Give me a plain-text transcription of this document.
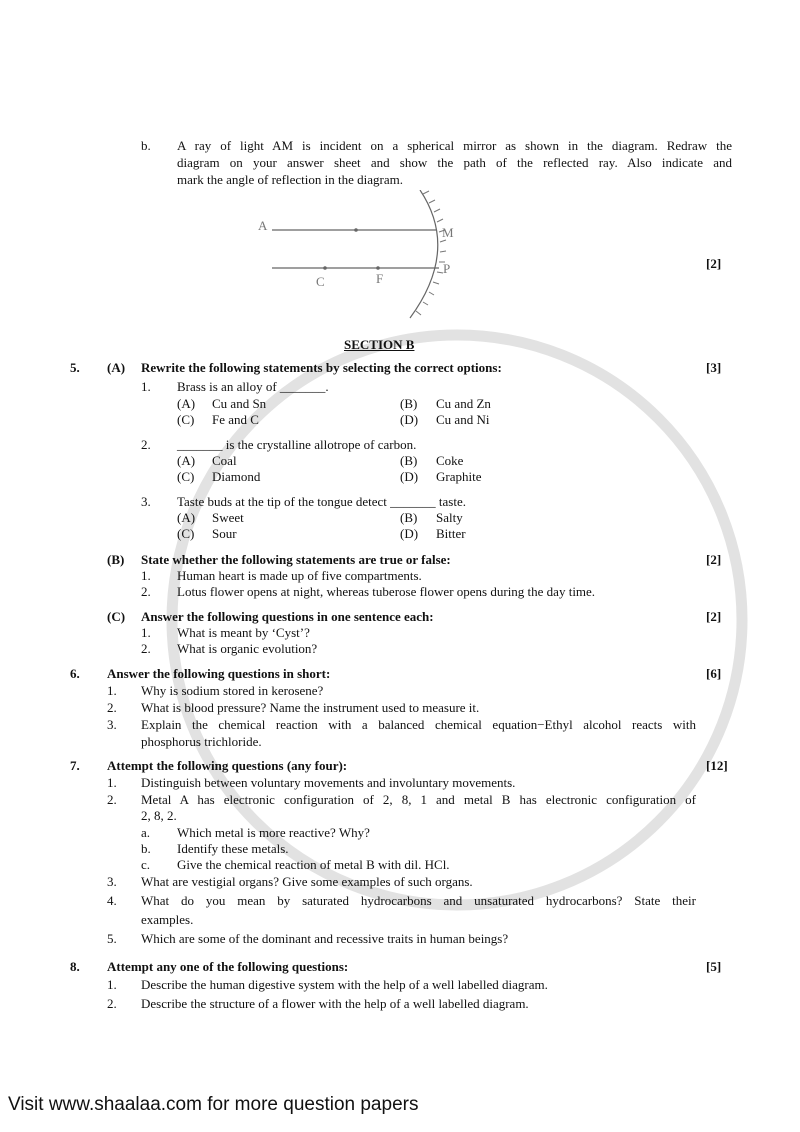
b. A ray of light AM is incident on a spherical mirror as shown in the diagram. Redraw the
diagram on your answer sheet and show the path of the reflected ray. Also indicate and
mark the angle of reflection in the diagram.
[2]
A	M
P
C	F
SECTION B
5. (A) Rewrite the following statements by selecting the correct options:	[3]
1. Brass is an alloy of _______.
(A) Cu and Sn	(B) Cu and Zn
(C) Fe and C	(D) Cu and Ni
2. _______ is the crystalline allotrope of carbon.
(A) Coal	(B) Coke
(C) Diamond	(D) Graphite
3. Taste buds at the tip of the tongue detect _______ taste.
(A) Sweet	(B) Salty
(C) Sour	(D) Bitter
(B) State whether the following statements are true or false:	[2]
1. Human heart is made up of five compartments.
2. Lotus flower opens at night, whereas tuberose flower opens during the day time.
(C) Answer the following questions in one sentence each:	[2]
1. What is meant by ‘Cyst’?
2. What is organic evolution?
6. Answer the following questions in short:	[6]
1. Why is sodium stored in kerosene?
2. What is blood pressure? Name the instrument used to measure it.
3. Explain the chemical reaction with a balanced chemical equation−Ethyl alcohol reacts with
phosphorus trichloride.
7. Attempt the following questions (any four):	[12]
1. Distinguish between voluntary movements and involuntary movements.
2. Metal A has electronic configuration of 2, 8, 1 and metal B has electronic configuration of
2, 8, 2.
a. Which metal is more reactive? Why?
b. Identify these metals.
c. Give the chemical reaction of metal B with dil. HCl.
3. What are vestigial organs? Give some examples of such organs.
4. What do you mean by saturated hydrocarbons and unsaturated hydrocarbons? State their
examples.
5. Which are some of the dominant and recessive traits in human beings?
8. Attempt any one of the following questions:	[5]
1. Describe the human digestive system with the help of a well labelled diagram.
2. Describe the structure of a flower with the help of a well labelled diagram.
Visit www.shaalaa.com for more question papers
